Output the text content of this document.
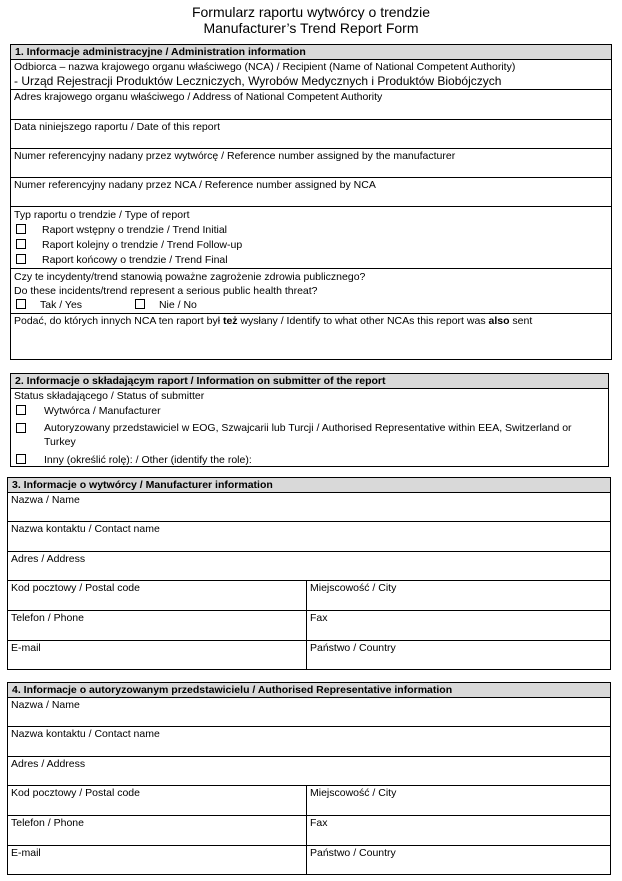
Formularz raportu wytwórcy o trendzie
Manufacturer’s Trend Report Form
1. Informacje administracyjne / Administration information
Odbiorca – nazwa krajowego organu właściwego (NCA) / Recipient (Name of National Competent Authority)
- Urząd Rejestracji Produktów Leczniczych, Wyrobów Medycznych i Produktów Biobójczych
Adres krajowego organu właściwego / Address of National Competent Authority
Data niniejszego raportu / Date of this report
Numer referencyjny nadany przez wytwórcę / Reference number assigned by the manufacturer
Numer referencyjny nadany przez NCA / Reference number assigned by NCA
Typ raportu o trendzie / Type of report
Raport wstępny o trendzie / Trend Initial
Raport kolejny o trendzie / Trend Follow-up
Raport końcowy o trendzie / Trend Final
Czy te incydenty/trend stanowią poważne zagrożenie zdrowia publicznego?
Do these incidents/trend represent a serious public health threat?
Tak / Yes	Nie / No
Podać, do których innych NCA ten raport był też wysłany / Identify to what other NCAs this report was also sent
2. Informacje o składającym raport / Information on submitter of the report
Status składającego / Status of submitter
Wytwórca / Manufacturer
Autoryzowany przedstawiciel w EOG, Szwajcarii lub Turcji / Authorised Representative within EEA, Switzerland or Turkey
Inny (określić rolę): / Other (identify the role):
3. Informacje o wytwórcy / Manufacturer information
Nazwa / Name
Nazwa kontaktu / Contact name
Adres / Address
Kod pocztowy / Postal code	Miejscowość / City
Telefon / Phone	Fax
E-mail	Państwo / Country
4. Informacje o autoryzowanym przedstawicielu / Authorised Representative information
Nazwa / Name
Nazwa kontaktu / Contact name
Adres / Address
Kod pocztowy / Postal code	Miejscowość / City
Telefon / Phone	Fax
E-mail	Państwo / Country
